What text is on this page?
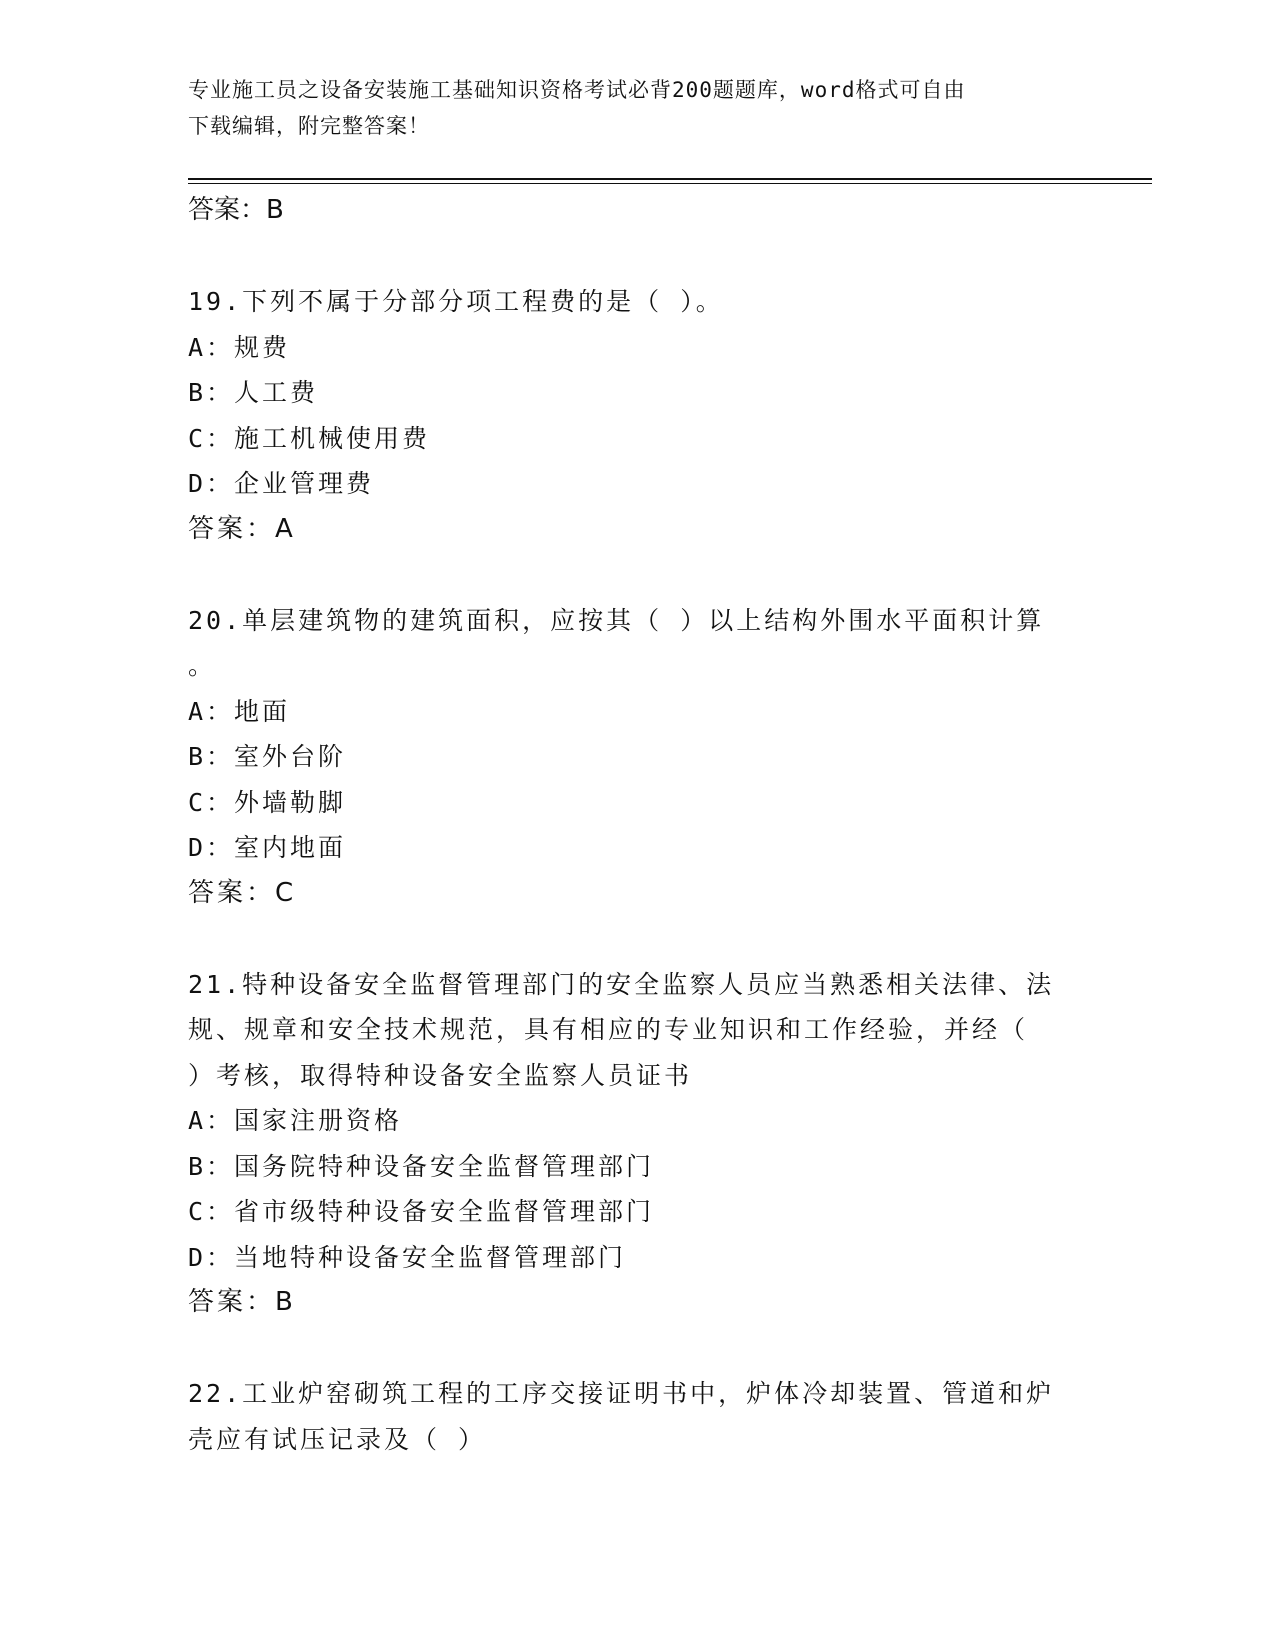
专业施工员之设备安装施工基础知识资格考试必背200题题库，word格式可自由
下载编辑，附完整答案！
答案：B
19.下列不属于分部分项工程费的是（ ）。
A：规费
B：人工费
C：施工机械使用费
D：企业管理费
答案：A
20.单层建筑物的建筑面积，应按其（ ）以上结构外围水平面积计算
。
A：地面
B：室外台阶
C：外墙勒脚
D：室内地面
答案：C
21.特种设备安全监督管理部门的安全监察人员应当熟悉相关法律、法
规、规章和安全技术规范，具有相应的专业知识和工作经验，并经（
）考核，取得特种设备安全监察人员证书
A：国家注册资格
B：国务院特种设备安全监督管理部门
C：省市级特种设备安全监督管理部门
D：当地特种设备安全监督管理部门
答案：B
22.工业炉窑砌筑工程的工序交接证明书中，炉体冷却装置、管道和炉
壳应有试压记录及（ ）
